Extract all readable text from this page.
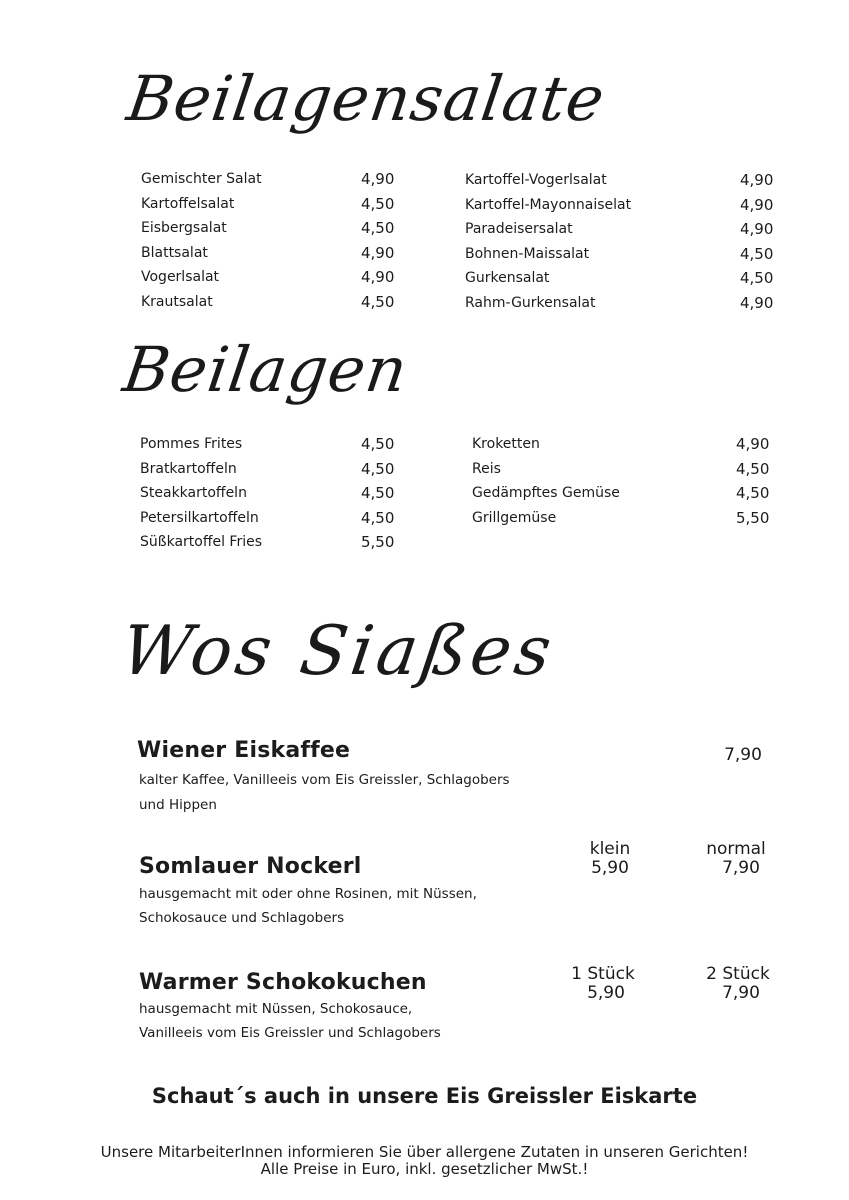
Beilagensalate
Gemischter Salat	4,90
Kartoffelsalat	4,50
Eisbergsalat	4,50
Blattsalat	4,90
Vogerlsalat	4,90
Krautsalat	4,50
Kartoffel-Vogerlsalat	4,90
Kartoffel-Mayonnaiselat	4,90
Paradeisersalat	4,90
Bohnen-Maissalat	4,50
Gurkensalat	4,50
Rahm-Gurkensalat	4,90
Beilagen
Pommes Frites	4,50
Bratkartoffeln	4,50
Steakkartoffeln	4,50
Petersilkartoffeln	4,50
Süßkartoffel Fries	5,50
Kroketten	4,90
Reis	4,50
Gedämpftes Gemüse	4,50
Grillgemüse	5,50
Wos Siaßes
Wiener Eiskaffee
kalter Kaffee, Vanilleeis vom Eis Greissler, Schlagobers
und Hippen
7,90
Somlauer Nockerl
hausgemacht mit oder ohne Rosinen, mit Nüssen,
Schokosauce und Schlagobers
klein
5,90
normal
7,90
Warmer Schokokuchen
hausgemacht mit Nüssen, Schokosauce,
Vanilleeis vom Eis Greissler und Schlagobers
1 Stück
5,90
2 Stück
7,90
Schaut´s auch in unsere Eis Greissler Eiskarte
Unsere MitarbeiterInnen informieren Sie über allergene Zutaten in unseren Gerichten!
Alle Preise in Euro, inkl. gesetzlicher MwSt.!
